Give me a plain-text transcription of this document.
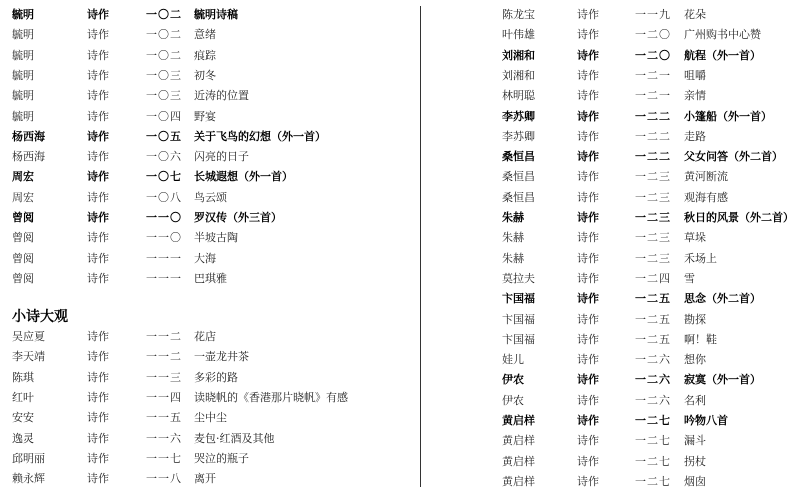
毓明	诗作	一〇二 毓明诗稿
毓明	诗作	一〇二 意绪
毓明	诗作	一〇二 痕踪
毓明	诗作	一〇三 初冬
毓明	诗作	一〇三 近涛的位置
毓明	诗作	一〇四 野宴
杨西海	诗作	一〇五 关于飞鸟的幻想（外一首）
杨西海	诗作	一〇六 闪亮的日子
周宏	诗作	一〇七 长城遐想（外一首）
周宏	诗作	一〇八 鸟云颂
曾阅	诗作	一一〇 罗汉传（外三首）
曾阅	诗作	一一〇 半坡古陶
曾阅	诗作	一一一 大海
曾阅	诗作	一一一 巴琪雅
小诗大观
吴应夏	诗作	一一二 花店
李天靖	诗作	一一二 一壶龙井茶
陈琪	诗作	一一三 多彩的路
红叶	诗作	一一四 读晓帆的《香港那片晓帆》有感
安安	诗作	一一五 尘中尘
逸灵	诗作	一一六 麦包·红酒及其他
邱明丽	诗作	一一七 哭泣的瓶子
赖永辉	诗作	一一八 离开
陈龙宝	诗作	一一九 花朵
叶伟雄	诗作	一二〇 广州购书中心赞
刘湘和	诗作	一二〇 航程（外一首）
刘湘和	诗作	一二一 咀嚼
林明聪	诗作	一二一 亲情
李苏卿	诗作	一二二 小篷船（外一首）
李苏卿	诗作	一二二 走路
桑恒昌	诗作	一二二 父女问答（外二首）
桑恒昌	诗作	一二三 黄河断流
桑恒昌	诗作	一二三 观海有感
朱赫	诗作	一二三 秋日的风景（外二首）
朱赫	诗作	一二三 草垛
朱赫	诗作	一二三 禾场上
莫拉夫	诗作	一二四 雪
卞国福	诗作	一二五 思念（外二首）
卞国福	诗作	一二五 勘探
卞国福	诗作	一二五 啊！鞋
娃儿	诗作	一二六 想你
伊农	诗作	一二六 寂寞（外一首）
伊农	诗作	一二六 名利
黄启样	诗作	一二七 吟物八首
黄启样	诗作	一二七 漏斗
黄启样	诗作	一二七 拐杖
黄启样	诗作	一二七 烟囱
